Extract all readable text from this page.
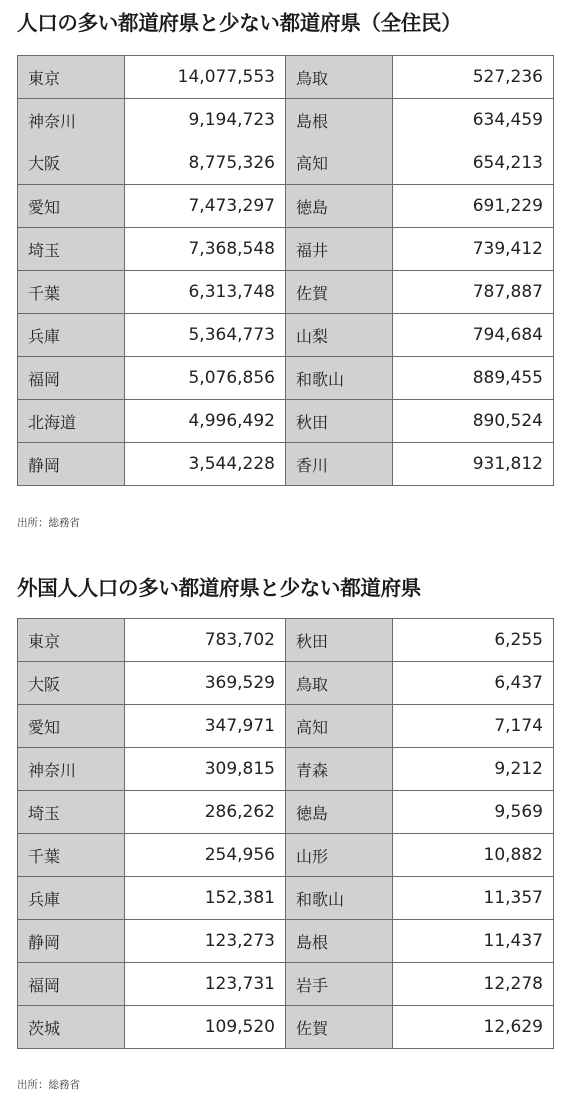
人口の多い都道府県と少ない都道府県（全住民）
東京	14,077,553	鳥取	527,236
神奈川	9,194,723	島根	634,459
大阪	8,775,326	高知	654,213
愛知	7,473,297	徳島	691,229
埼玉	7,368,548	福井	739,412
千葉	6,313,748	佐賀	787,887
兵庫	5,364,773	山梨	794,684
福岡	5,076,856	和歌山	889,455
北海道	4,996,492	秋田	890,524
静岡	3,544,228	香川	931,812
出所：総務省
外国人人口の多い都道府県と少ない都道府県
東京	783,702	秋田	6,255
大阪	369,529	鳥取	6,437
愛知	347,971	高知	7,174
神奈川	309,815	青森	9,212
埼玉	286,262	徳島	9,569
千葉	254,956	山形	10,882
兵庫	152,381	和歌山	11,357
静岡	123,273	島根	11,437
福岡	123,731	岩手	12,278
茨城	109,520	佐賀	12,629
出所：総務省
